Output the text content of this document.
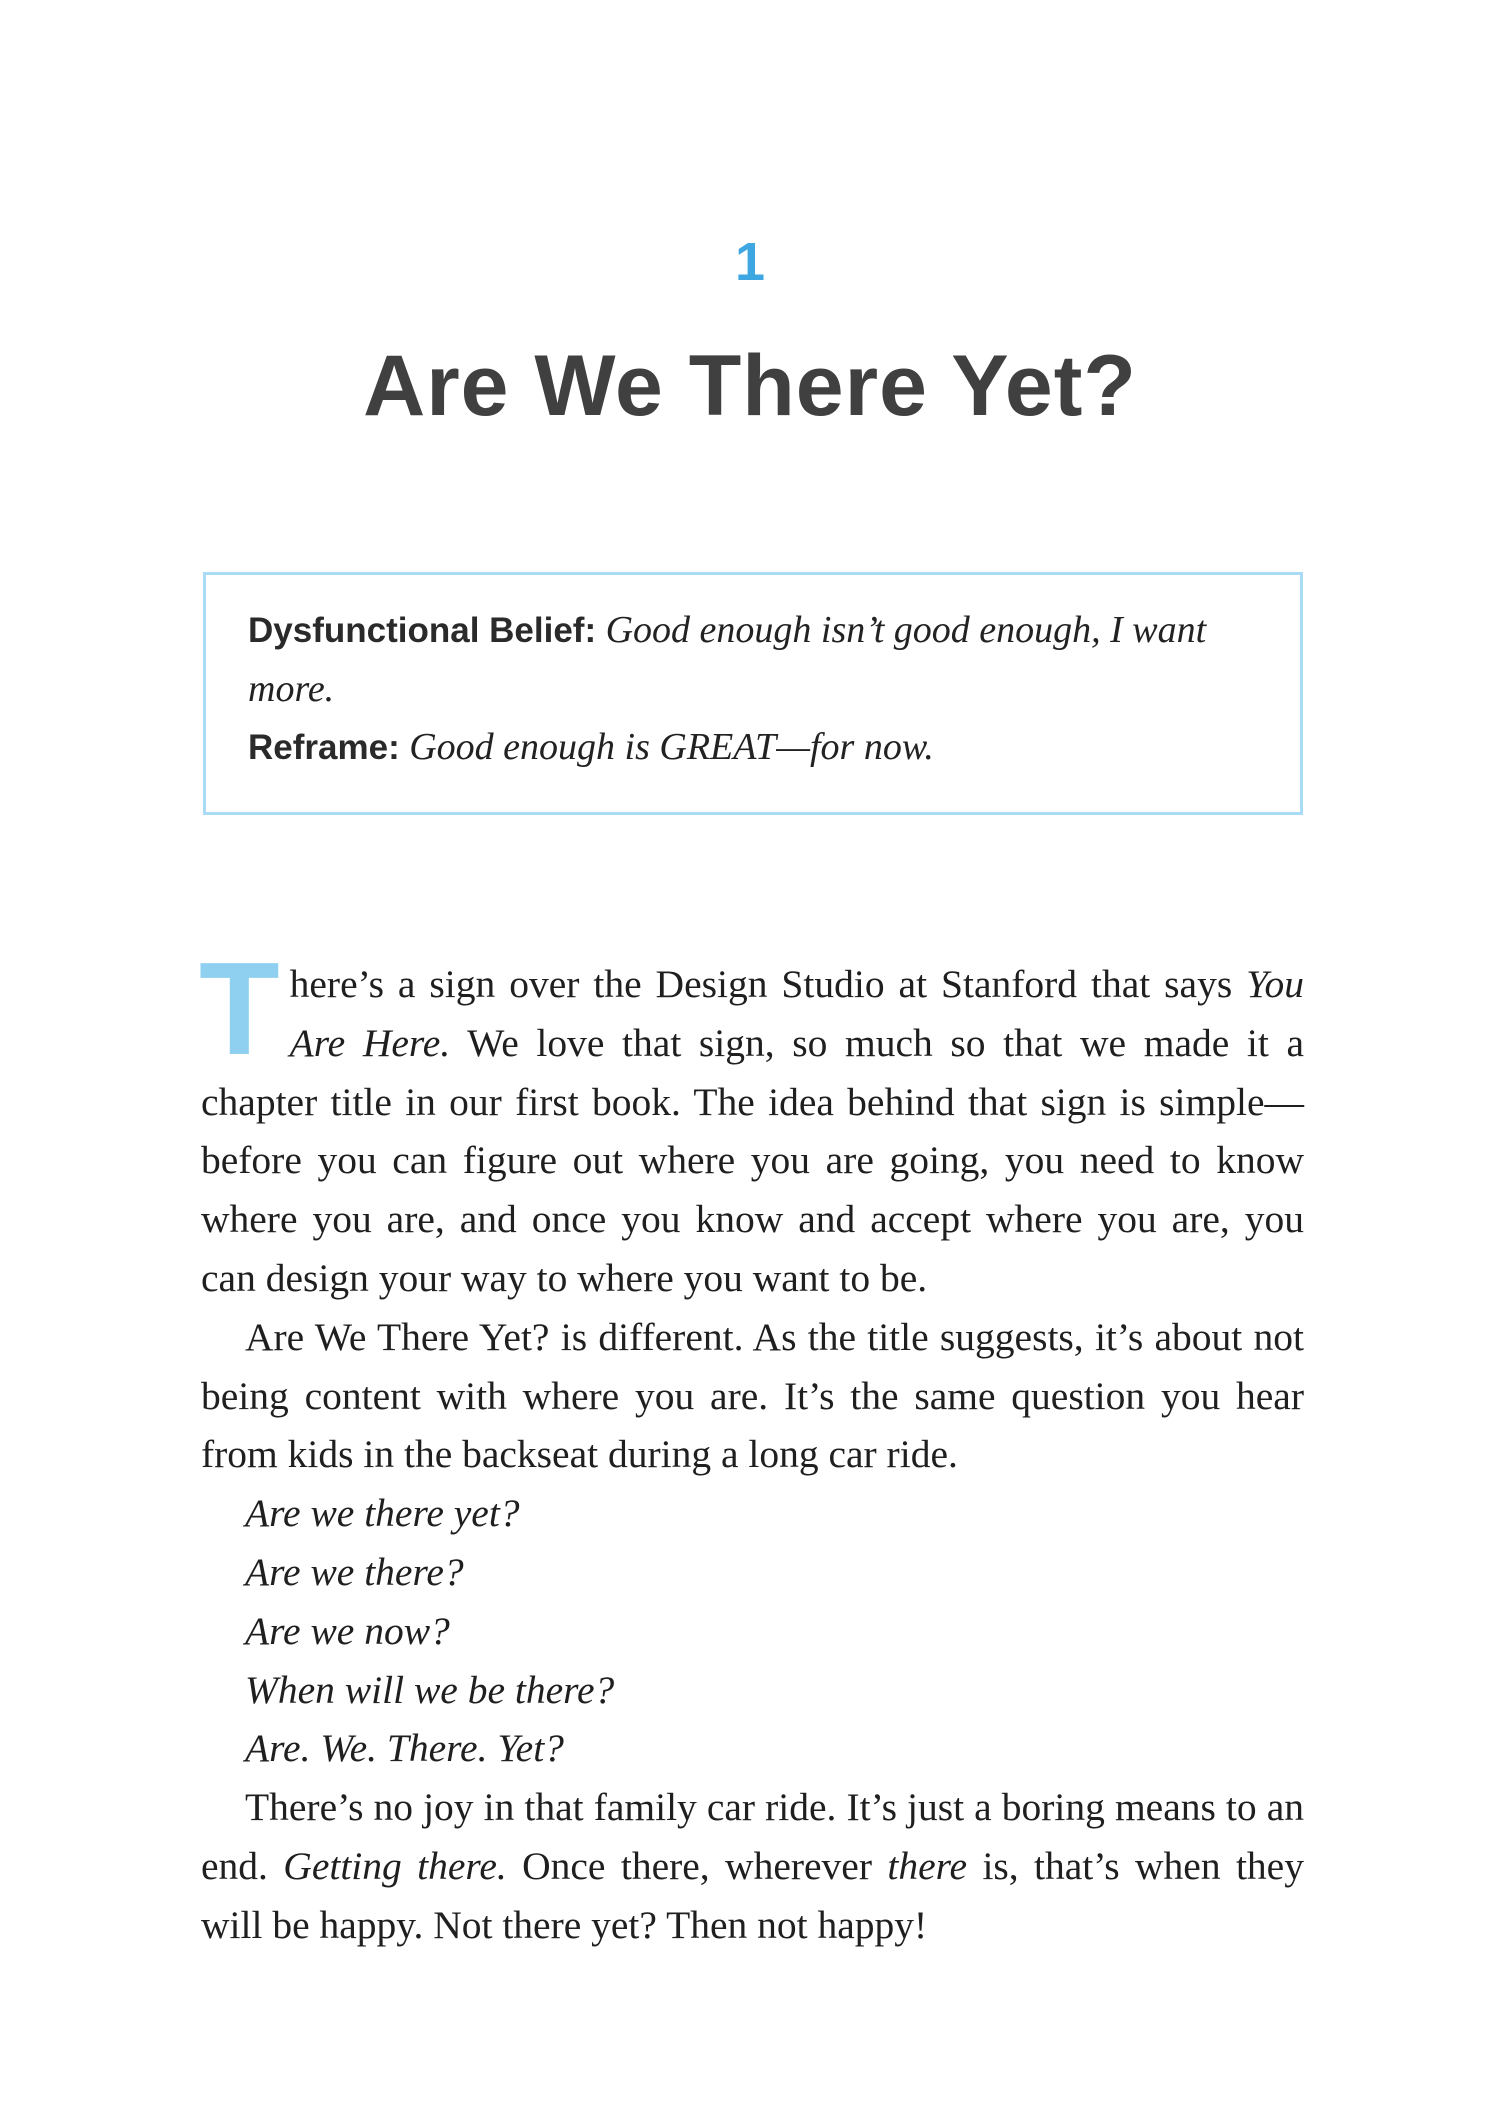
1
Are We There Yet?
Dysfunctional Belief: Good enough isn’t good enough, I want more.
Reframe: Good enough is GREAT—for now.

There’s a sign over the Design Studio at Stanford that says You Are Here. We love that sign, so much so that we made it a chapter title in our first book. The idea behind that sign is simple—before you can figure out where you are going, you need to know where you are, and once you know and accept where you are, you can design your way to where you want to be.

Are We There Yet? is different. As the title suggests, it’s about not being content with where you are. It’s the same question you hear from kids in the backseat during a long car ride.

Are we there yet?

Are we there?

Are we now?

When will we be there?

Are. We. There. Yet?

There’s no joy in that family car ride. It’s just a boring means to an end. Getting there. Once there, wherever there is, that’s when they will be happy. Not there yet? Then not happy!
